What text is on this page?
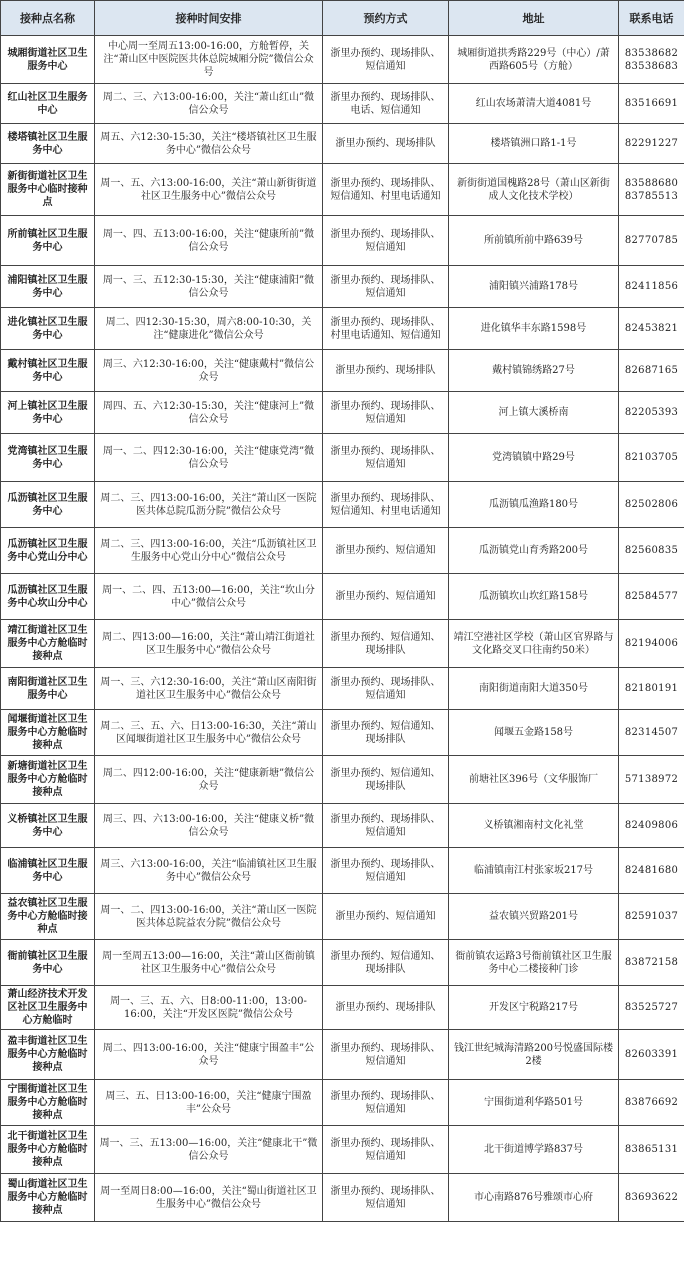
接种点名称	接种时间安排	预约方式	地址	联系电话
城厢街道社区卫生服务中心	中心周一至周五13:00-16:00，方舱暂停，关注“萧山区中医院医共体总院城厢分院”微信公众号	浙里办预约、现场排队、短信通知	城厢街道拱秀路229号（中心）/萧西路605号（方舱）	83538682 83538683
红山社区卫生服务中心	周二、三、六13:00-16:00，关注“萧山红山”微信公众号	浙里办预约、现场排队、电话、短信通知	红山农场萧清大道4081号	83516691
楼塔镇社区卫生服务中心	周五、六12:30-15:30，关注“楼塔镇社区卫生服务中心”微信公众号	浙里办预约、现场排队	楼塔镇洲口路1-1号	82291227
新街街道社区卫生服务中心临时接种点	周一、五、六13:00-16:00，关注“萧山新街街道社区卫生服务中心”微信公众号	浙里办预约、现场排队、短信通知、村里电话通知	新街街道国槐路28号（萧山区新街成人文化技术学校）	83588680 83785513
所前镇社区卫生服务中心	周一、四、五13:00-16:00，关注“健康所前”微信公众号	浙里办预约、现场排队、短信通知	所前镇所前中路639号	82770785
浦阳镇社区卫生服务中心	周一、三、五12:30-15:30，关注“健康浦阳”微信公众号	浙里办预约、现场排队、短信通知	浦阳镇兴浦路178号	82411856
进化镇社区卫生服务中心	周二、四12:30-15:30，周六8:00-10:30，关注“健康进化”微信公众号	浙里办预约、现场排队、村里电话通知、短信通知	进化镇华丰东路1598号	82453821
戴村镇社区卫生服务中心	周三、六12:30-16:00，关注“健康戴村”微信公众号	浙里办预约、现场排队	戴村镇锦绣路27号	82687165
河上镇社区卫生服务中心	周四、五、六12:30-15:30，关注“健康河上”微信公众号	浙里办预约、现场排队、短信通知	河上镇大溪桥南	82205393
党湾镇社区卫生服务中心	周一、二、四12:30-16:00，关注“健康党湾”微信公众号	浙里办预约、现场排队、短信通知	党湾镇镇中路29号	82103705
瓜沥镇社区卫生服务中心	周二、三、四13:00-16:00，关注“萧山区一医院医共体总院瓜沥分院”微信公众号	浙里办预约、现场排队、短信通知、村里电话通知	瓜沥镇瓜渔路180号	82502806
瓜沥镇社区卫生服务中心党山分中心	周二、三、四13:00-16:00，关注“瓜沥镇社区卫生服务中心党山分中心”微信公众号	浙里办预约、短信通知	瓜沥镇党山育秀路200号	82560835
瓜沥镇社区卫生服务中心坎山分中心	周一、二、四、五13:00—16:00，关注“坎山分中心”微信公众号	浙里办预约、短信通知	瓜沥镇坎山坎红路158号	82584577
靖江街道社区卫生服务中心方舱临时接种点	周二、四13:00—16:00，关注“萧山靖江街道社区卫生服务中心”微信公众号	浙里办预约、短信通知、现场排队	靖江空港社区学校（萧山区官界路与文化路交叉口往南约50米）	82194006
南阳街道社区卫生服务中心	周一、三、六12:30-16:00，关注“萧山区南阳街道社区卫生服务中心”微信公众号	浙里办预约、现场排队、短信通知	南阳街道南阳大道350号	82180191
闻堰街道社区卫生服务中心方舱临时接种点	周二、三、五、六、日13:00-16:30，关注“萧山区闻堰街道社区卫生服务中心”微信公众号	浙里办预约、短信通知、现场排队	闻堰五金路158号	82314507
新塘街道社区卫生服务中心方舱临时接种点	周二、四12:00-16:00，关注“健康新塘”微信公众号	浙里办预约、短信通知、现场排队	前塘社区396号（文华服饰厂	57138972
义桥镇社区卫生服务中心	周三、四、六13:00-16:00，关注“健康义桥”微信公众号	浙里办预约、现场排队、短信通知	义桥镇湘南村文化礼堂	82409806
临浦镇社区卫生服务中心	周三、六13:00-16:00，关注“临浦镇社区卫生服务中心”微信公众号	浙里办预约、现场排队、短信通知	临浦镇南江村张家坂217号	82481680
益农镇社区卫生服务中心方舱临时接种点	周一、二、四13:00-16:00，关注“萧山区一医院医共体总院益农分院”微信公众号	浙里办预约、短信通知	益农镇兴贸路201号	82591037
衙前镇社区卫生服务中心	周一至周五13:00—16:00，关注“萧山区衙前镇社区卫生服务中心”微信公众号	浙里办预约、短信通知、现场排队	衙前镇农运路3号衙前镇社区卫生服务中心二楼接种门诊	83872158
萧山经济技术开发区社区卫生服务中心方舱临时	周一、三、五、六、日8:00-11:00，13:00-16:00，关注“开发区医院”微信公众号	浙里办预约、现场排队	开发区宁税路217号	83525727
盈丰街道社区卫生服务中心方舱临时接种点	周二、四13:00-16:00，关注“健康宁围盈丰”公众号	浙里办预约、现场排队、短信通知	钱江世纪城海清路200号悦盛国际楼2楼	82603391
宁围街道社区卫生服务中心方舱临时接种点	周三、五、日13:00-16:00，关注“健康宁围盈丰”公众号	浙里办预约、现场排队、短信通知	宁围街道利华路501号	83876692
北干街道社区卫生服务中心方舱临时接种点	周一、三、五13:00—16:00，关注“健康北干”微信公众号	浙里办预约、现场排队、短信通知	北干街道博学路837号	83865131
蜀山街道社区卫生服务中心方舱临时接种点	周一至周日8:00—16:00，关注“蜀山街道社区卫生服务中心”微信公众号	浙里办预约、现场排队、短信通知	市心南路876号雅颂市心府	83693622
